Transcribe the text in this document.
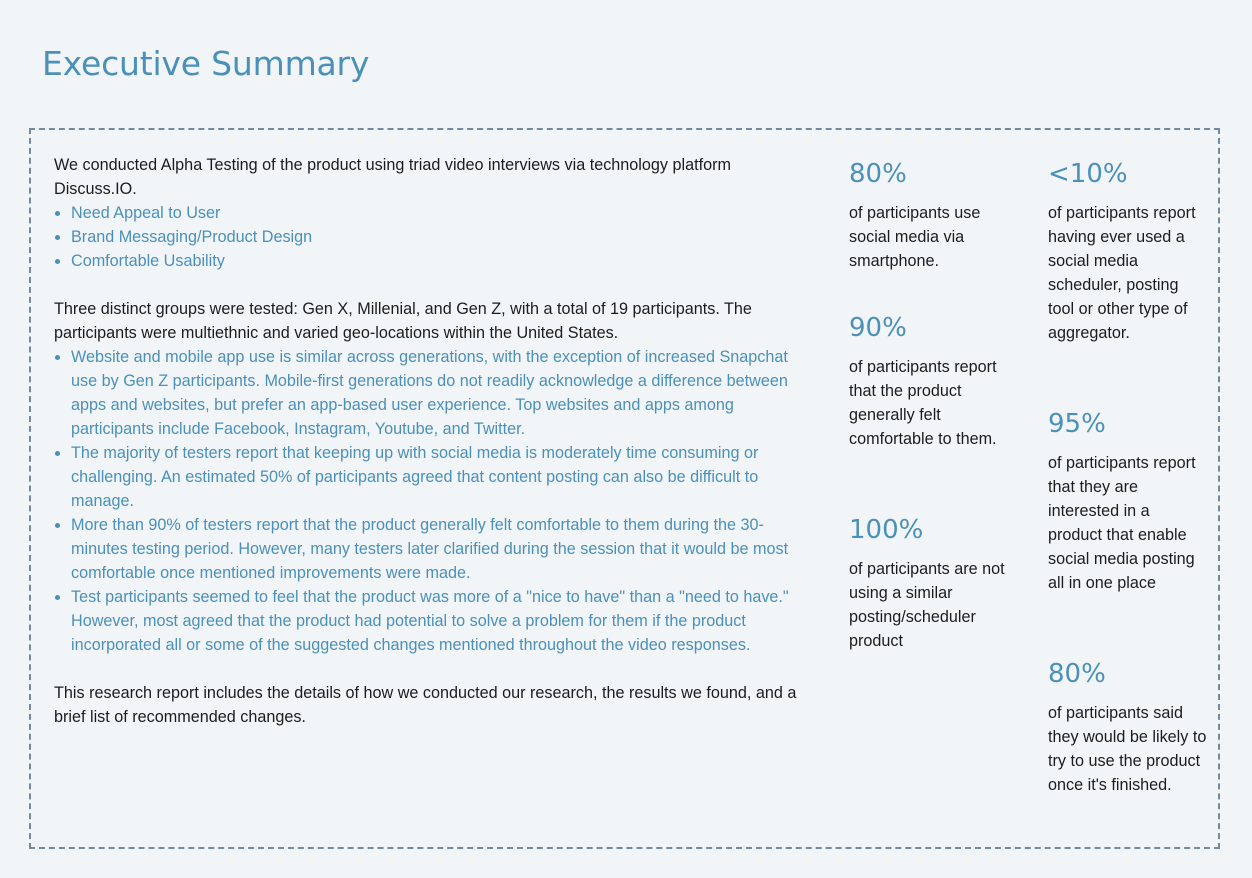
Executive Summary

We conducted Alpha Testing of the product using triad video interviews via technology platform Discuss.IO.

Need Appeal to User
Brand Messaging/Product Design
Comfortable Usability

Three distinct groups were tested: Gen X, Millenial, and Gen Z, with a total of 19 participants. The participants were multiethnic and varied geo-locations within the United States.

Website and mobile app use is similar across generations, with the exception of increased Snapchat use by Gen Z participants. Mobile-first generations do not readily acknowledge a difference between apps and websites, but prefer an app-based user experience. Top websites and apps among participants include Facebook, Instagram, Youtube, and Twitter.
The majority of testers report that keeping up with social media is moderately time consuming or challenging. An estimated 50% of participants agreed that content posting can also be difficult to manage.
More than 90% of testers report that the product generally felt comfortable to them during the 30-minutes testing period. However, many testers later clarified during the session that it would be most comfortable once mentioned improvements were made.
Test participants seemed to feel that the product was more of a "nice to have" than a "need to have." However, most agreed that the product had potential to solve a problem for them if the product incorporated all or some of the suggested changes mentioned throughout the video responses.

This research report includes the details of how we conducted our research, the results we found, and a brief list of recommended changes.

80%
of participants use social media via smartphone.
90%
of participants report that the product generally felt comfortable to them.
100%
of participants are not using a similar posting/scheduler product
<10%
of participants report having ever used a social media scheduler, posting tool or other type of aggregator.
95%
of participants report that they are interested in a product that enable social media posting all in one place
80%
of participants said they would be likely to try to use the product once it's finished.
